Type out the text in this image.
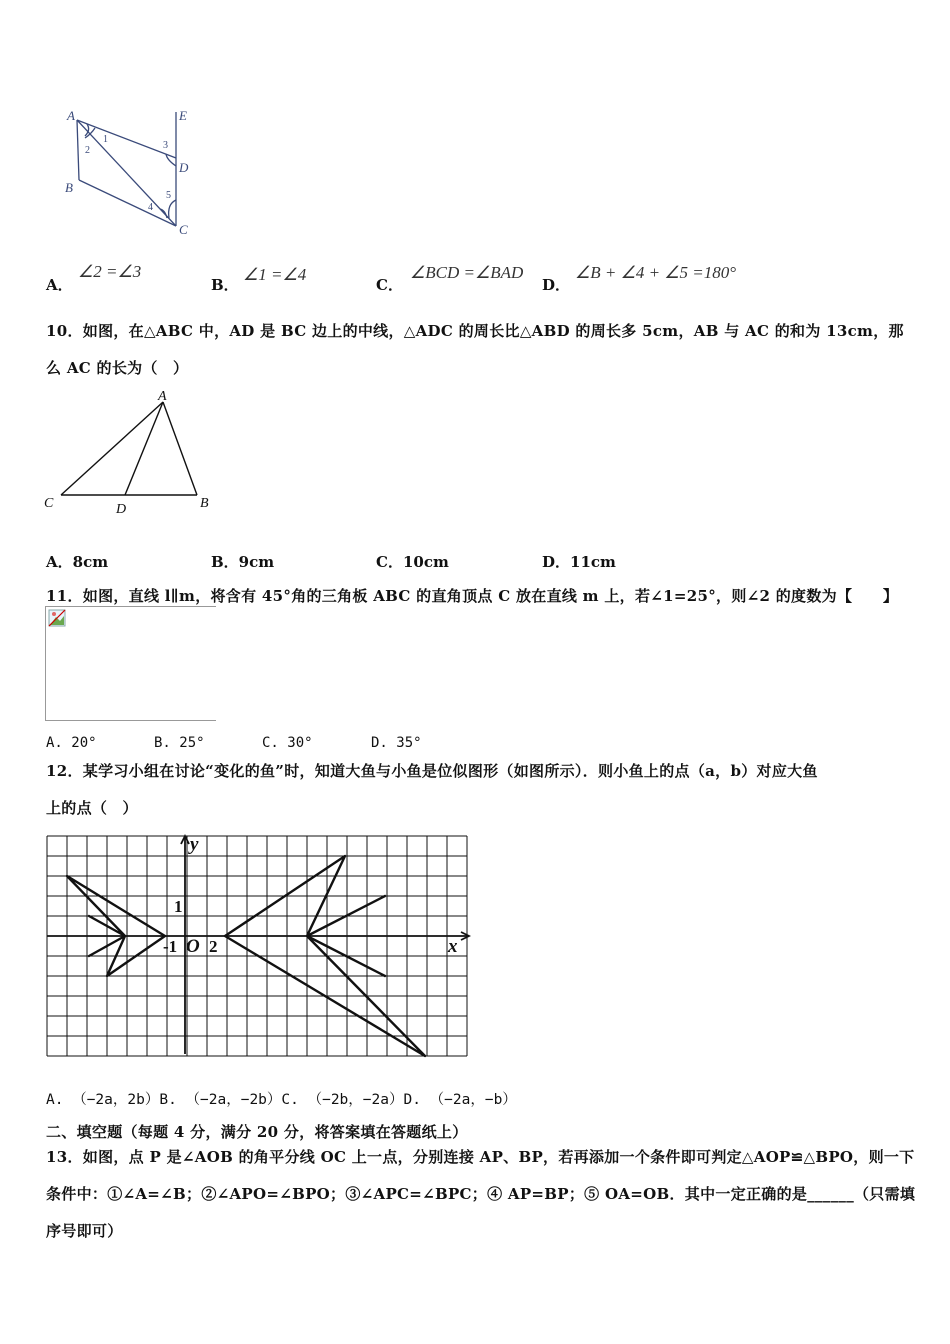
A
B
C
D
E
1
2	3
4
5
A．
∠2 =∠3
B．
∠1 =∠4
C．
∠BCD =∠BAD
D．
∠B + ∠4 + ∠5 =180°
10．如图，在△ABC 中，AD 是 BC 边上的中线，△ADC 的周长比△ABD 的周长多 5cm，AB 与 AC 的和为 13cm，那
么 AC 的长为（　）
A
B
C	D
A．8cm	B．9cm	C．10cm	D．11cm
11．如图，直线 l∥m，将含有 45°角的三角板 ABC 的直角顶点 C 放在直线 m 上，若∠1=25°，则∠2 的度数为【　　】
A. 20°	B. 25°	C. 30°	D. 35°
12．某学习小组在讨论“变化的鱼”时，知道大鱼与小鱼是位似图形（如图所示）．则小鱼上的点（a，b）对应大鱼
上的点（　）
y
x
1
-1 O 2
A. （−2a，2b）B. （−2a，−2b）C. （−2b，−2a）D. （−2a，−b）
二、填空题（每题 4 分，满分 20 分，将答案填在答题纸上）
13．如图，点 P 是∠AOB 的角平分线 OC 上一点，分别连接 AP、BP，若再添加一个条件即可判定△AOP≌△BPO，则一下
条件中：①∠A=∠B；②∠APO=∠BPO；③∠APC=∠BPC；④ AP=BP；⑤ OA=OB．其中一定正确的是______（只需填
序号即可）
